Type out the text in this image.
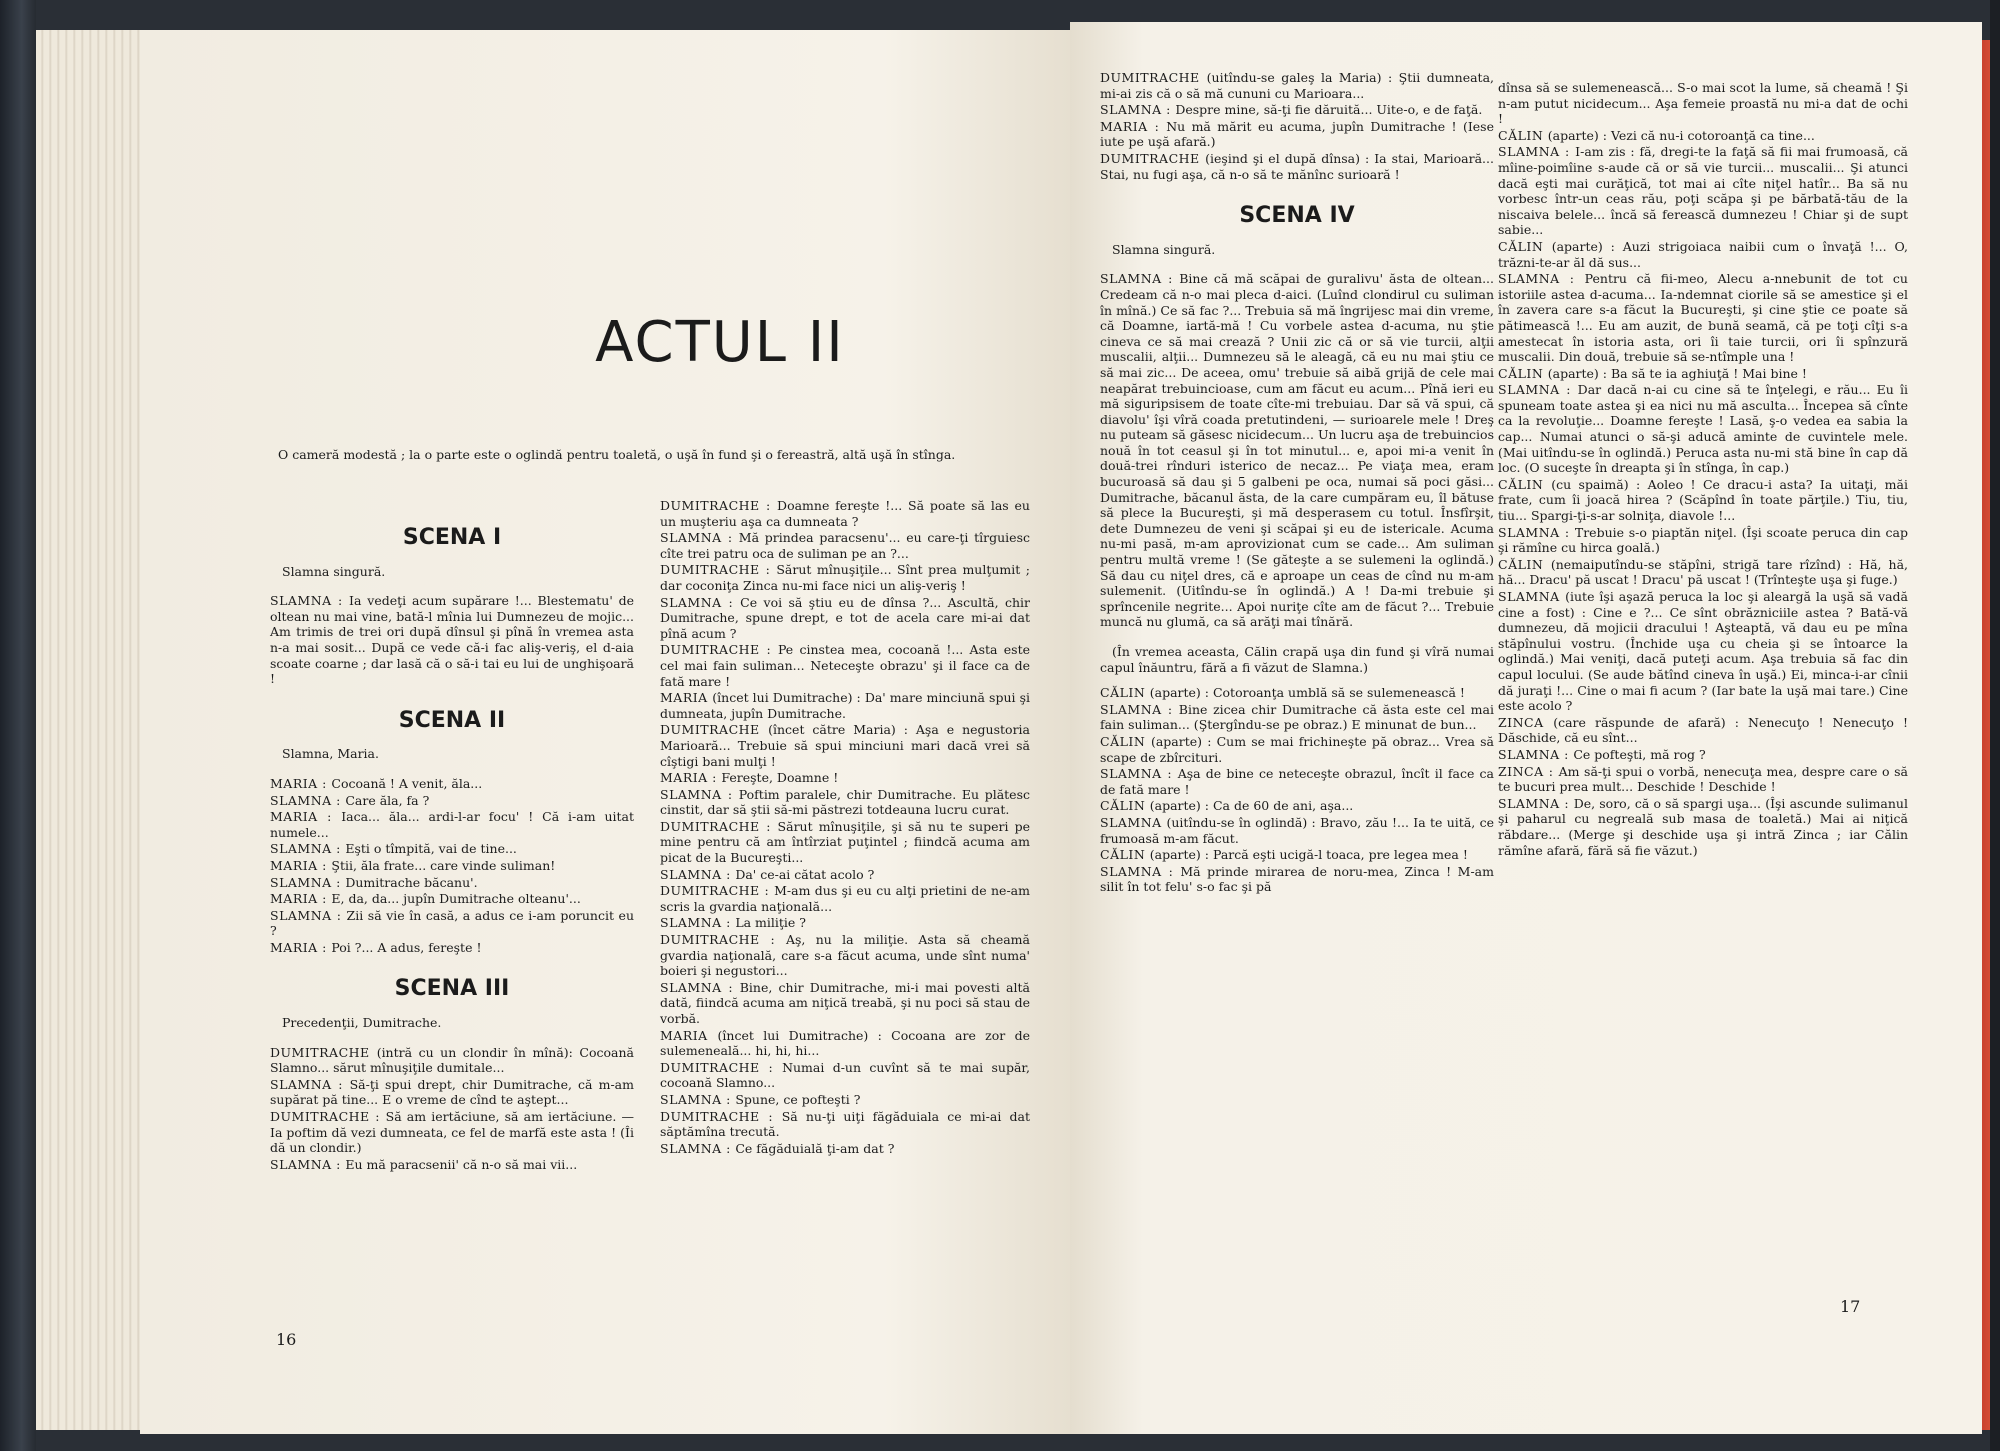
ACTUL II

O cameră modestă ; la o parte este o oglindă pentru toaletă, o uşă în fund şi o fereastră, altă uşă în stînga.

SCENA I

Slamna singură.

SLAMNA : Ia vedeţi acum supărare !... Blestematu' de oltean nu mai vine, bată-l mînia lui Dumnezeu de mojic... Am trimis de trei ori după dînsul şi pînă în vremea asta n-a mai sosit... După ce vede că-i fac aliş-veriş, el d-aia scoate coarne ; dar lasă că o să-i tai eu lui de unghişoară !

SCENA II

Slamna, Maria.

MARIA : Cocoană ! A venit, ăla...

SLAMNA : Care ăla, fa ?

MARIA : Iaca... ăla... ardi-l-ar focu' ! Că i-am uitat numele...

SLAMNA : Eşti o tîmpită, vai de tine...

MARIA : Ştii, ăla frate... care vinde suliman!

SLAMNA : Dumitrache băcanu'.

MARIA : E, da, da... jupîn Dumitrache olteanu'...

SLAMNA : Zii să vie în casă, a adus ce i-am poruncit eu ?

MARIA : Poi ?... A adus, fereşte !

SCENA III

Precedenţii, Dumitrache.

DUMITRACHE (intră cu un clondir în mînă): Cocoană Slamno... sărut mînuşiţile dumitale...

SLAMNA : Să-ţi spui drept, chir Dumitrache, că m-am supărat pă tine... E o vreme de cînd te aştept...

DUMITRACHE : Să am iertăciune, să am iertăciune. — Ia poftim dă vezi dumneata, ce fel de marfă este asta ! (Îi dă un clondir.)

SLAMNA : Eu mă paracsenii' că n-o să mai vii...

DUMITRACHE : Doamne fereşte !... Să poate să las eu un muşteriu aşa ca dumneata ?

SLAMNA : Mă prindea paracsenu'... eu care-ţi tîrguiesc cîte trei patru oca de suliman pe an ?...

DUMITRACHE : Sărut mînuşiţile... Sînt prea mulţumit ; dar coconiţa Zinca nu-mi face nici un aliş-veriş !

SLAMNA : Ce voi să ştiu eu de dînsa ?... Ascultă, chir Dumitrache, spune drept, e tot de acela care mi-ai dat pînă acum ?

DUMITRACHE : Pe cinstea mea, cocoană !... Asta este cel mai fain suliman... Neteceşte obrazu' şi il face ca de fată mare !

MARIA (încet lui Dumitrache) : Da' mare minciună spui şi dumneata, jupîn Dumitrache.

DUMITRACHE (încet către Maria) : Aşa e negustoria Marioară... Trebuie să spui minciuni mari dacă vrei să cîştigi bani mulţi !

MARIA : Fereşte, Doamne !

SLAMNA : Poftim paralele, chir Dumitrache. Eu plătesc cinstit, dar să ştii să-mi păstrezi totdeauna lucru curat.

DUMITRACHE : Sărut mînuşiţile, şi să nu te superi pe mine pentru că am întîrziat puţintel ; fiindcă acuma am picat de la Bucureşti...

SLAMNA : Da' ce-ai cătat acolo ?

DUMITRACHE : M-am dus şi eu cu alţi prietini de ne-am scris la gvardia naţională...

SLAMNA : La miliţie ?

DUMITRACHE : Aş, nu la miliţie. Asta să cheamă gvardia naţională, care s-a făcut acuma, unde sînt numa' boieri şi negustori...

SLAMNA : Bine, chir Dumitrache, mi-i mai povesti altă dată, fiindcă acuma am niţică treabă, şi nu poci să stau de vorbă.

MARIA (încet lui Dumitrache) : Cocoana are zor de sulemeneală... hi, hi, hi...

DUMITRACHE : Numai d-un cuvînt să te mai supăr, cocoană Slamno...

SLAMNA : Spune, ce pofteşti ?

DUMITRACHE : Să nu-ţi uiţi făgăduiala ce mi-ai dat săptămîna trecută.

SLAMNA : Ce făgăduială ţi-am dat ?

16

DUMITRACHE (uitîndu-se galeş la Maria) : Ştii dumneata, mi-ai zis că o să mă cununi cu Marioara...

SLAMNA : Despre mine, să-ţi fie dăruită... Uite-o, e de faţă.

MARIA : Nu mă mărit eu acuma, jupîn Dumitrache ! (Iese iute pe uşă afară.)

DUMITRACHE (ieşind şi el după dînsa) : Ia stai, Marioară... Stai, nu fugi aşa, că n-o să te mănînc surioară !

SCENA IV

Slamna singură.

SLAMNA : Bine că mă scăpai de guralivu' ăsta de oltean... Credeam că n-o mai pleca d-aici. (Luînd clondirul cu suliman în mînă.) Ce să fac ?... Trebuia să mă îngrijesc mai din vreme, că Doamne, iartă-mă ! Cu vorbele astea d-acuma, nu ştie cineva ce să mai crează ? Unii zic că or să vie turcii, alţii muscalii, alţii... Dumnezeu să le aleagă, că eu nu mai ştiu ce să mai zic... De aceea, omu' trebuie să aibă grijă de cele mai neapărat trebuincioase, cum am făcut eu acum... Pînă ieri eu mă siguripsisem de toate cîte-mi trebuiau. Dar să vă spui, că diavolu' îşi vîră coada pretutindeni, — surioarele mele ! Dreş nu puteam să găsesc nicidecum... Un lucru aşa de trebuincios nouă în tot ceasul şi în tot minutul... e, apoi mi-a venit în două-trei rînduri isterico de necaz... Pe viaţa mea, eram bucuroasă să dau şi 5 galbeni pe oca, numai să poci găsi... Dumitrache, băcanul ăsta, de la care cumpăram eu, îl bătuse să plece la Bucureşti, şi mă desperasem cu totul. Însfîrşit, dete Dumnezeu de veni şi scăpai şi eu de istericale. Acuma nu-mi pasă, m-am aprovizionat cum se cade... Am suliman pentru multă vreme ! (Se găteşte a se sulemeni la oglindă.) Să dau cu niţel dres, că e aproape un ceas de cînd nu m-am sulemenit. (Uitîndu-se în oglindă.) A ! Da-mi trebuie şi sprîncenile negrite... Apoi nuriţe cîte am de făcut ?... Trebuie muncă nu glumă, ca să arăţi mai tînără.

(În vremea aceasta, Călin crapă uşa din fund şi vîră numai capul înăuntru, fără a fi văzut de Slamna.)

CĂLIN (aparte) : Cotoroanţa umblă să se sulemenească !

SLAMNA : Bine zicea chir Dumitrache că ăsta este cel mai fain suliman... (Ştergîndu-se pe obraz.) E minunat de bun...

CĂLIN (aparte) : Cum se mai frichineşte pă obraz... Vrea să scape de zbîrcituri.

SLAMNA : Aşa de bine ce neteceşte obrazul, încît il face ca de fată mare !

CĂLIN (aparte) : Ca de 60 de ani, aşa...

SLAMNA (uitîndu-se în oglindă) : Bravo, zău !... Ia te uită, ce frumoasă m-am făcut.

CĂLIN (aparte) : Parcă eşti ucigă-l toaca, pre legea mea !

SLAMNA : Mă prinde mirarea de noru-mea, Zinca ! M-am silit în tot felu' s-o fac şi pă

dînsa să se sulemenească... S-o mai scot la lume, să cheamă ! Şi n-am putut nicidecum... Aşa femeie proastă nu mi-a dat de ochi !

CĂLIN (aparte) : Vezi că nu-i cotoroanţă ca tine...

SLAMNA : I-am zis : fă, dregi-te la faţă să fii mai frumoasă, că mîine-poimîine s-aude că or să vie turcii... muscalii... Şi atunci dacă eşti mai curăţică, tot mai ai cîte niţel hatîr... Ba să nu vorbesc într-un ceas rău, poţi scăpa şi pe bărbată-tău de la niscaiva belele... încă să ferească dumnezeu ! Chiar şi de supt sabie...

CĂLIN (aparte) : Auzi strigoiaca naibii cum o învaţă !... O, trăzni-te-ar ăl dă sus...

SLAMNA : Pentru că fii-meo, Alecu a-nnebunit de tot cu istoriile astea d-acuma... Ia-ndemnat ciorile să se amestice şi el în zavera care s-a făcut la Bucureşti, şi cine ştie ce poate să pătimească !... Eu am auzit, de bună seamă, că pe toţi cîţi s-a amestecat în istoria asta, ori îi taie turcii, ori îi spînzură muscalii. Din două, trebuie să se-ntîmple una !

CĂLIN (aparte) : Ba să te ia aghiuţă ! Mai bine !

SLAMNA : Dar dacă n-ai cu cine să te înţelegi, e rău... Eu îi spuneam toate astea şi ea nici nu mă asculta... Începea să cînte ca la revoluţie... Doamne fereşte ! Lasă, ş-o vedea ea sabia la cap... Numai atunci o să-şi aducă aminte de cuvintele mele. (Mai uitîndu-se în oglindă.) Peruca asta nu-mi stă bine în cap dă loc. (O suceşte în dreapta şi în stînga, în cap.)

CĂLIN (cu spaimă) : Aoleo ! Ce dracu-i asta? Ia uitaţi, măi frate, cum îi joacă hirea ? (Scăpînd în toate părţile.) Tiu, tiu, tiu... Spargi-ţi-s-ar solniţa, diavole !...

SLAMNA : Trebuie s-o piaptăn niţel. (Îşi scoate peruca din cap şi rămîne cu hirca goală.)

CĂLIN (nemaiputîndu-se stăpîni, strigă tare rîzînd) : Hă, hă, hă... Dracu' pă uscat ! Dracu' pă uscat ! (Trînteşte uşa şi fuge.)

SLAMNA (iute îşi aşază peruca la loc şi aleargă la uşă să vadă cine a fost) : Cine e ?... Ce sînt obrăzniciile astea ? Bată-vă dumnezeu, dă mojicii dracului ! Aşteaptă, vă dau eu pe mîna stăpînului vostru. (Închide uşa cu cheia şi se întoarce la oglindă.) Mai veniţi, dacă puteţi acum. Aşa trebuia să fac din capul locului. (Se aude bătînd cineva în uşă.) Ei, minca-i-ar cînii dă juraţi !... Cine o mai fi acum ? (Iar bate la uşă mai tare.) Cine este acolo ?

ZINCA (care răspunde de afară) : Nenecuţo ! Nenecuţo ! Dăschide, că eu sînt...

SLAMNA : Ce pofteşti, mă rog ?

ZINCA : Am să-ţi spui o vorbă, nenecuţa mea, despre care o să te bucuri prea mult... Deschide ! Deschide !

SLAMNA : De, soro, că o să spargi uşa... (Îşi ascunde sulimanul şi paharul cu negreală sub masa de toaletă.) Mai ai niţică răbdare... (Merge şi deschide uşa şi intră Zinca ; iar Călin rămîne afară, fără să fie văzut.)

17
